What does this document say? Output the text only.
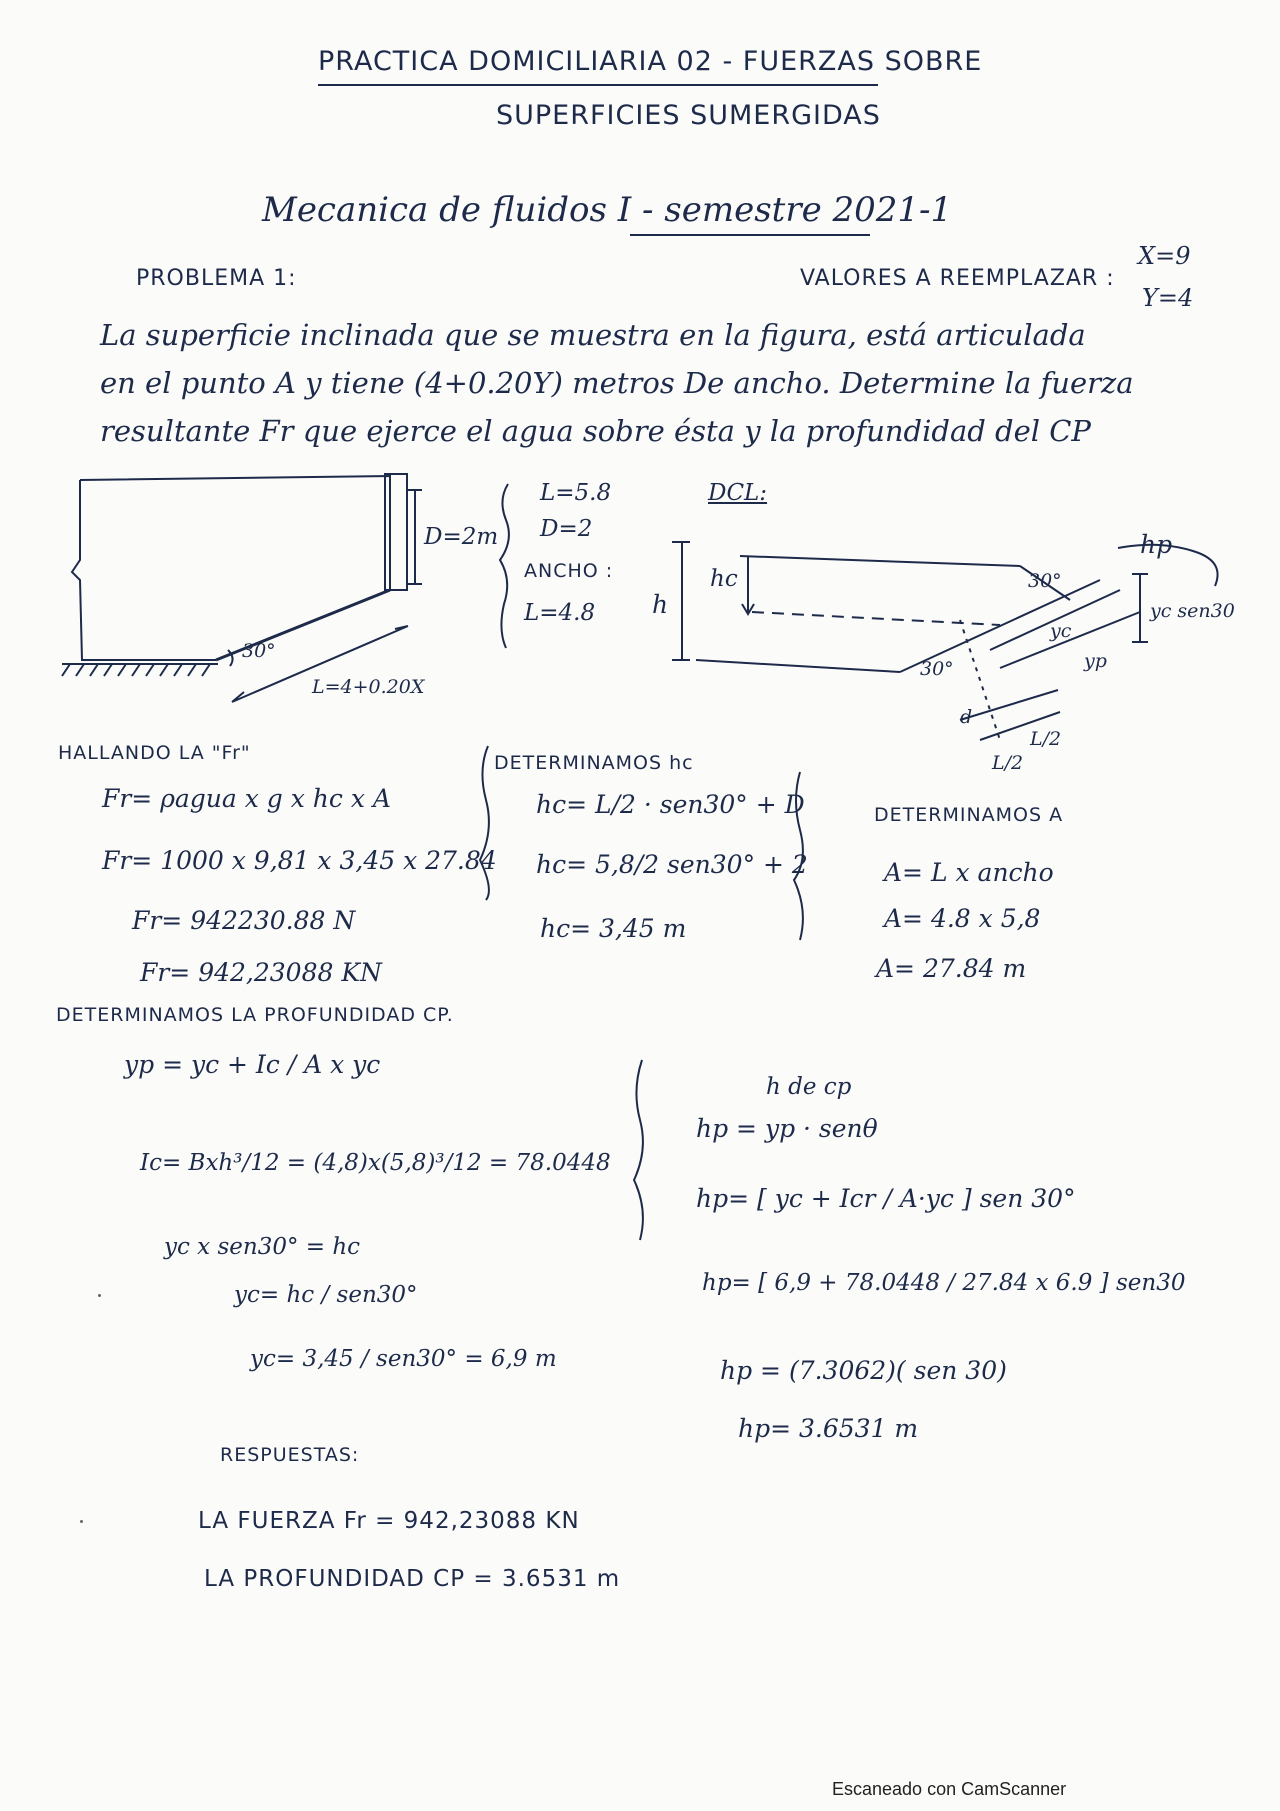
PRACTICA DOMICILIARIA 02 - FUERZAS SOBRE
SUPERFICIES SUMERGIDAS
Mecanica de fluidos I - semestre 2021-1
PROBLEMA 1:	VALORES A REEMPLAZAR :
X=9
Y=4
La superficie inclinada que se muestra en la figura, está articulada
en el punto A y tiene (4+0.20Y) metros De ancho. Determine la fuerza
resultante Fr que ejerce el agua sobre ésta y la profundidad del CP
D=2m
30°
L=4+0.20X
L=5.8
D=2
ANCHO :
L=4.8
DCL:
h
hc
hp
30°
30°
yc
yp
yc sen30
d
L/2
L/2
HALLANDO LA "Fr"
Fr= ρagua x g x hc x A
Fr= 1000 x 9,81 x 3,45 x 27.84
Fr= 942230.88 N
Fr= 942,23088 KN
DETERMINAMOS hc
hc= L/2 · sen30° + D
hc= 5,8/2 sen30° + 2
hc= 3,45 m
DETERMINAMOS A
A= L x ancho
A= 4.8 x 5,8
A= 27.84 m
DETERMINAMOS LA PROFUNDIDAD CP.
yp = yc + Ic / A x yc
Ic= Bxh³/12 = (4,8)x(5,8)³/12 = 78.0448
yc x sen30° = hc
yc= hc / sen30°
yc= 3,45 / sen30° = 6,9 m
h de cp
hp = yp · senθ
hp= [ yc + Icr / A·yc ] sen 30°
hp= [ 6,9 + 78.0448 / 27.84 x 6.9 ] sen30
hp = (7.3062)( sen 30)
hp= 3.6531 m
RESPUESTAS:
LA FUERZA Fr = 942,23088 KN
LA PROFUNDIDAD CP = 3.6531 m
Escaneado con CamScanner
